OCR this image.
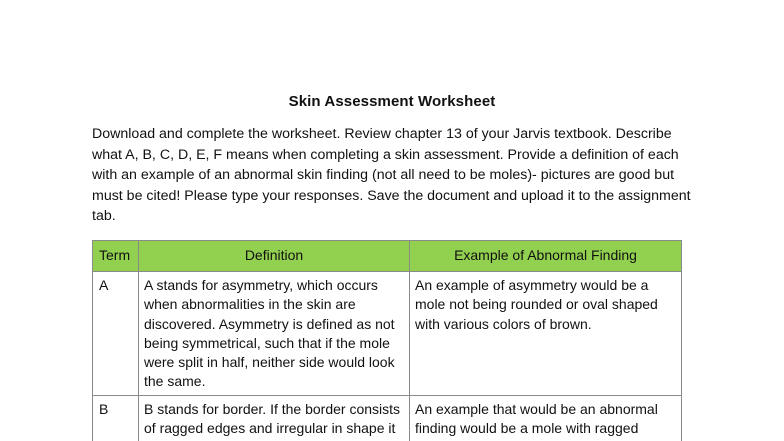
Skin Assessment Worksheet
Download and complete the worksheet. Review chapter 13 of your Jarvis textbook. Describe what A, B, C, D, E, F means when completing a skin assessment. Provide a definition of each with an example of an abnormal skin finding (not all need to be moles)- pictures are good but must be cited! Please type your responses. Save the document and upload it to the assignment tab.
Term	Definition	Example of Abnormal Finding
A	A stands for asymmetry, which occurs when abnormalities in the skin are discovered. Asymmetry is defined as not being symmetrical, such that if the mole were split in half, neither side would look the same.	An example of asymmetry would be a mole not being rounded or oval shaped with various colors of brown.
B	B stands for border. If the border consists of ragged edges and irregular in shape it	An example that would be an abnormal finding would be a mole with ragged
